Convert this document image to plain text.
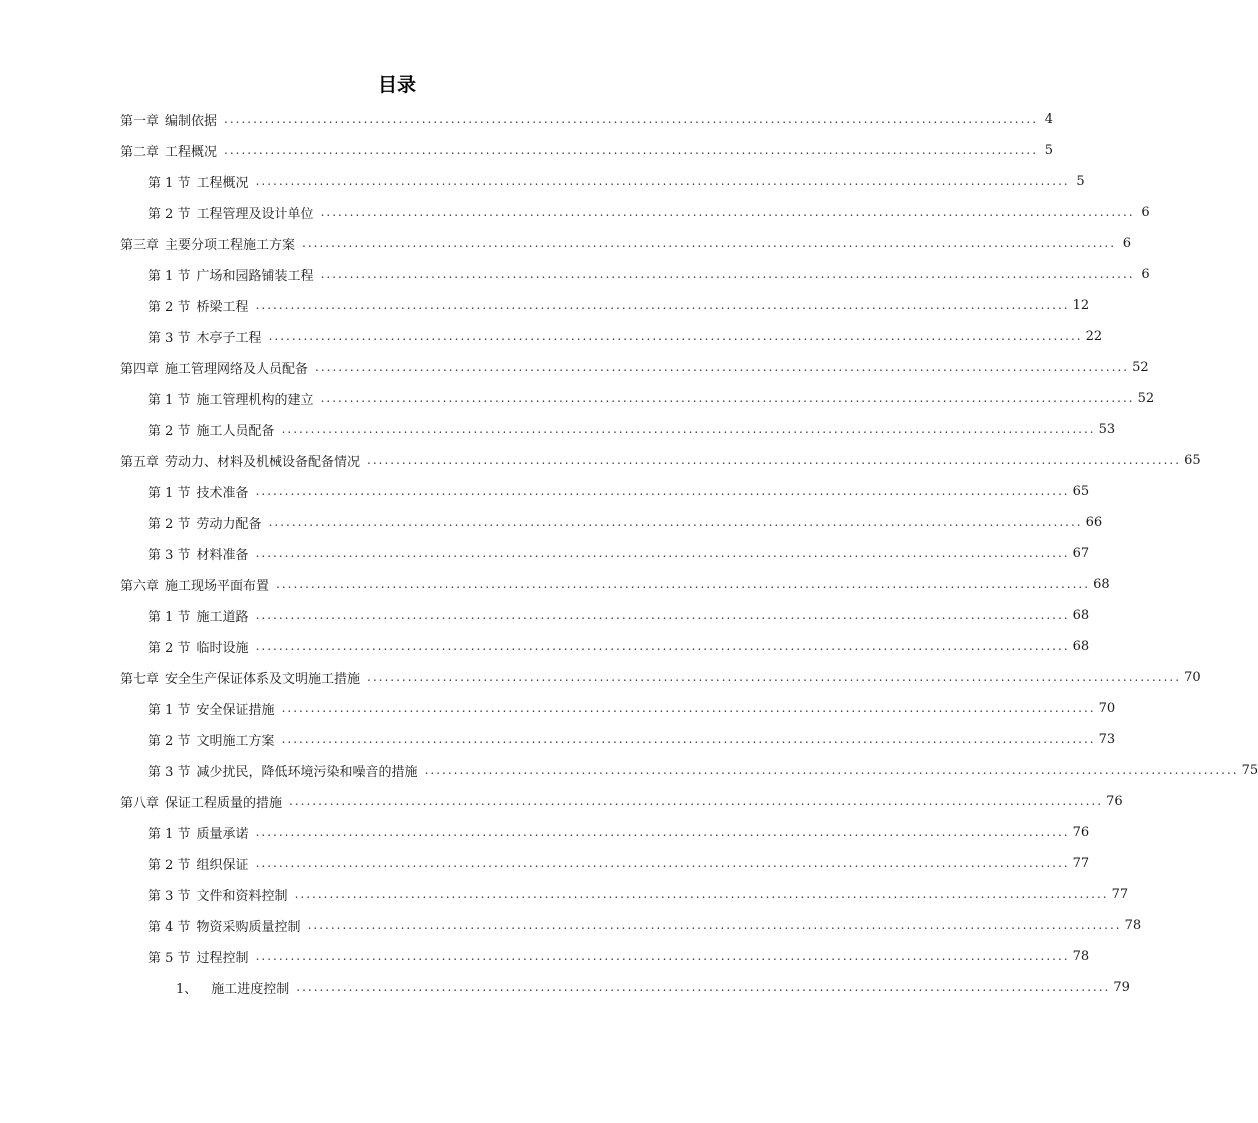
目录
第一章 编制依据 ............................................................................................................................................ 4
第二章 工程概况 ............................................................................................................................................ 5
第 1 节 工程概况 ............................................................................................................................................ 5
第 2 节 工程管理及设计单位 ............................................................................................................................................ 6
第三章 主要分项工程施工方案 ............................................................................................................................................ 6
第 1 节 广场和园路铺装工程 ............................................................................................................................................ 6
第 2 节 桥梁工程 ............................................................................................................................................ 12
第 3 节 木亭子工程 ............................................................................................................................................ 22
第四章 施工管理网络及人员配备 ............................................................................................................................................ 52
第 1 节 施工管理机构的建立 ............................................................................................................................................ 52
第 2 节 施工人员配备 ............................................................................................................................................ 53
第五章 劳动力、材料及机械设备配备情况 ............................................................................................................................................ 65
第 1 节 技术准备 ............................................................................................................................................ 65
第 2 节 劳动力配备 ............................................................................................................................................ 66
第 3 节 材料准备 ............................................................................................................................................ 67
第六章 施工现场平面布置 ............................................................................................................................................ 68
第 1 节 施工道路 ............................................................................................................................................ 68
第 2 节 临时设施 ............................................................................................................................................ 68
第七章 安全生产保证体系及文明施工措施 ............................................................................................................................................ 70
第 1 节 安全保证措施 ............................................................................................................................................ 70
第 2 节 文明施工方案 ............................................................................................................................................ 73
第 3 节 减少扰民，降低环境污染和噪音的措施 ............................................................................................................................................ 75
第八章 保证工程质量的措施 ............................................................................................................................................ 76
第 1 节 质量承诺 ............................................................................................................................................ 76
第 2 节 组织保证 ............................................................................................................................................ 77
第 3 节 文件和资料控制 ............................................................................................................................................ 77
第 4 节 物资采购质量控制 ............................................................................................................................................ 78
第 5 节 过程控制 ............................................................................................................................................ 78
1、 施工进度控制 ............................................................................................................................................ 79
